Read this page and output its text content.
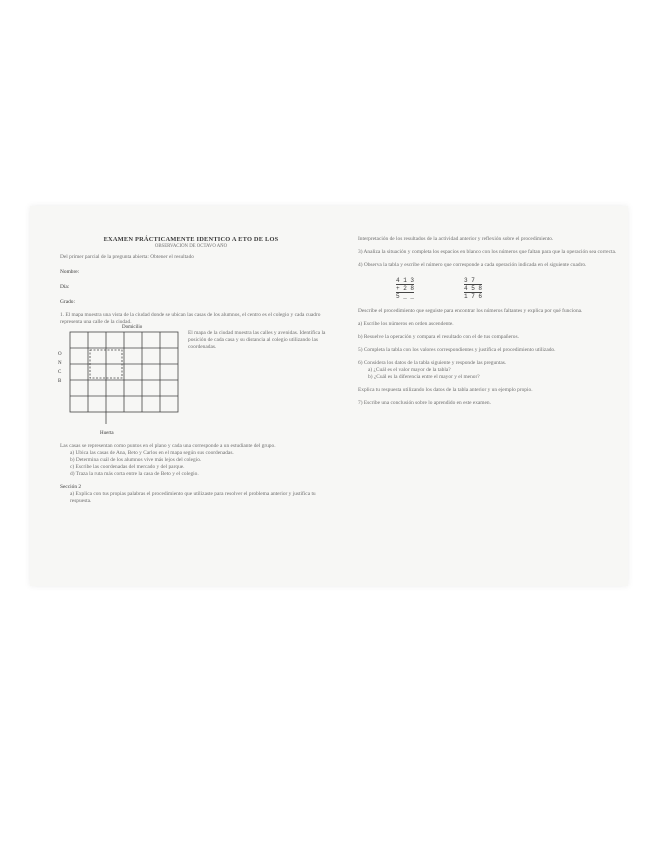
EXAMEN PRÁCTICAMENTE IDENTICO A ETO DE LOS
OBSERVACIÓN DE OCTAVO AÑO
Del primer parcial de la pregunta abierta: Obtener el resultado
Nombre:
Día:
Grado:
1. El mapa muestra una vista de la ciudad donde se ubican las casas de los alumnos, el centro es el colegio y cada cuadro representa una calle de la ciudad.
Domicilio
O
N
C
B
El mapa de la ciudad muestra las calles y avenidas. Identifica la posición de cada casa y su distancia al colegio utilizando las coordenadas.
Huerta
Las casas se representan como puntos en el plano y cada una corresponde a un estudiante del grupo.
a) Ubica las casas de Ana, Beto y Carlos en el mapa según sus coordenadas.
b) Determina cuál de los alumnos vive más lejos del colegio.
c) Escribe las coordenadas del mercado y del parque.
d) Traza la ruta más corta entre la casa de Beto y el colegio.
Sección 2
a) Explica con tus propias palabras el procedimiento que utilizaste para resolver el problema anterior y justifica tu respuesta.
Interpretación de los resultados de la actividad anterior y reflexión sobre el procedimiento.
3) Analiza la situación y completa los espacios en blanco con los números que faltan para que la operación sea correcta.
4) Observa la tabla y escribe el número que corresponde a cada operación indicada en el siguiente cuadro.
4 1 3
+ 2 8
5 _ _
3 7
4 5 8
1 7 6
Describe el procedimiento que seguiste para encontrar los números faltantes y explica por qué funciona.
a) Escribe los números en orden ascendente.
b) Resuelve la operación y compara el resultado con el de tus compañeros.
5) Completa la tabla con los valores correspondientes y justifica el procedimiento utilizado.
6) Considera los datos de la tabla siguiente y responde las preguntas.
a) ¿Cuál es el valor mayor de la tabla?
b) ¿Cuál es la diferencia entre el mayor y el menor?
Explica tu respuesta utilizando los datos de la tabla anterior y un ejemplo propio.
7) Escribe una conclusión sobre lo aprendido en este examen.
